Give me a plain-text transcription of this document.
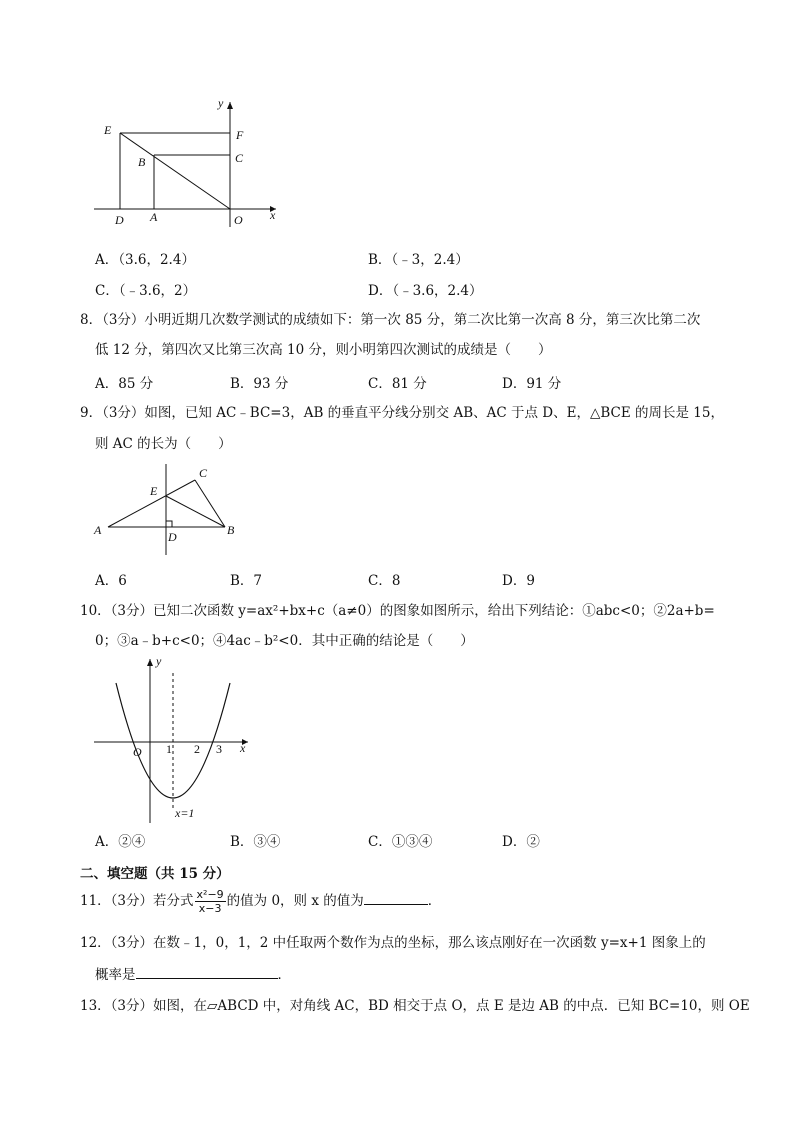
y
E	F
B	C
D A	O x
A．（3.6，2.4）	B．（﹣3，2.4）
C．（﹣3.6，2）	D．（﹣3.6，2.4）
8．（3分）小明近期几次数学测试的成绩如下：第一次 85 分，第二次比第一次高 8 分，第三次比第二次
低 12 分，第四次又比第三次高 10 分，则小明第四次测试的成绩是（　　）
A．85 分	B．93 分	C．81 分	D．91 分
9．（3分）如图，已知 AC﹣BC=3，AB 的垂直平分线分别交 AB、AC 于点 D、E，△BCE 的周长是 15，
则 AC 的长为（　　）
C
E
A	D	B
A．6	B．7	C．8	D．9
10．（3分）已知二次函数 y=ax²+bx+c（a≠0）的图象如图所示，给出下列结论：①abc<0；②2a+b=
0；③a﹣b+c<0；④4ac﹣b²<0．其中正确的结论是（　　）
y
O 1 2 3 x
x=1
A．②④	B．③④	C．①③④	D．②
二、填空题（共 15 分）
11．（3分）若分式 $\frac{\text{x²−9}}{x-3}$ 的值为 0，则 x 的值为	．
12．（3分）在数﹣1，0，1，2 中任取两个数作为点的坐标，那么该点刚好在一次函数 y=x+1 图象上的
概率是	．
13．（3分）如图，在▱ABCD 中，对角线 AC，BD 相交于点 O，点 E 是边 AB 的中点．已知 BC=10，则 OE
